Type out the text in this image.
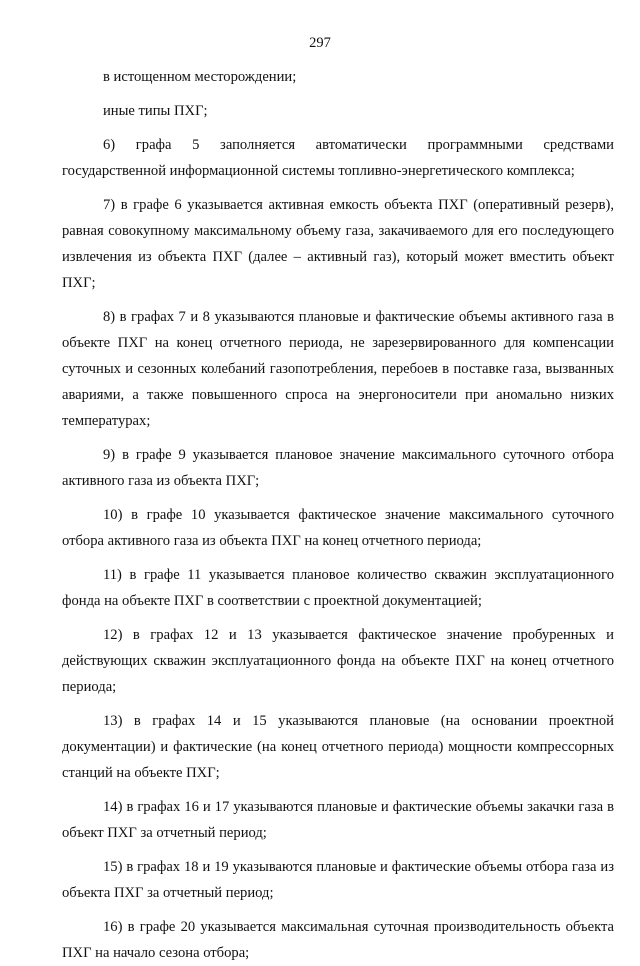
297

в истощенном месторождении;

иные типы ПХГ;

6) графа 5 заполняется автоматически программными средствами государственной информационной системы топливно-энергетического комплекса;

7) в графе 6 указывается активная емкость объекта ПХГ (оперативный резерв), равная совокупному максимальному объему газа, закачиваемого для его последующего извлечения из объекта ПХГ (далее – активный газ), который может вместить объект ПХГ;

8) в графах 7 и 8 указываются плановые и фактические объемы активного газа в объекте ПХГ на конец отчетного периода, не зарезервированного для компенсации суточных и сезонных колебаний газопотребления, перебоев в поставке газа, вызванных авариями, а также повышенного спроса на энергоносители при аномально низких температурах;

9) в графе 9 указывается плановое значение максимального суточного отбора активного газа из объекта ПХГ;

10) в графе 10 указывается фактическое значение максимального суточного отбора активного газа из объекта ПХГ на конец отчетного периода;

11) в графе 11 указывается плановое количество скважин эксплуатационного фонда на объекте ПХГ в соответствии с проектной документацией;

12) в графах 12 и 13 указывается фактическое значение пробуренных и действующих скважин эксплуатационного фонда на объекте ПХГ на конец отчетного периода;

13) в графах 14 и 15 указываются плановые (на основании проектной документации) и фактические (на конец отчетного периода) мощности компрессорных станций на объекте ПХГ;

14) в графах 16 и 17 указываются плановые и фактические объемы закачки газа в объект ПХГ за отчетный период;

15) в графах 18 и 19 указываются плановые и фактические объемы отбора газа из объекта ПХГ за отчетный период;

16) в графе 20 указывается максимальная суточная производительность объекта ПХГ на начало сезона отбора;
